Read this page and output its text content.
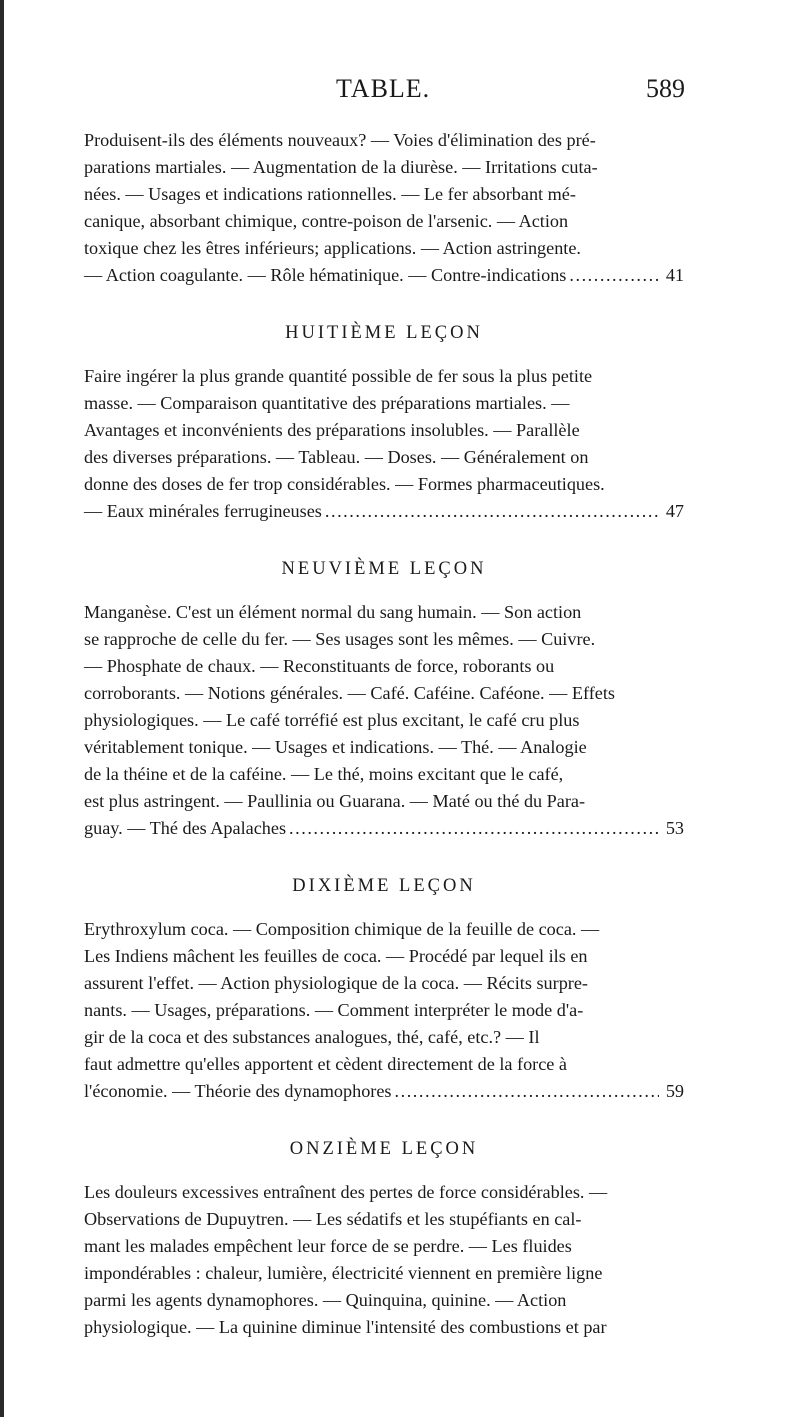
TABLE.	589

Produisent-ils des éléments nouveaux? — Voies d'élimination des pré-

parations martiales. — Augmentation de la diurèse. — Irritations cuta-

nées. — Usages et indications rationnelles. — Le fer absorbant mé-

canique, absorbant chimique, contre-poison de l'arsenic. — Action

toxique chez les êtres inférieurs; applications. — Action astringente.

— Action coagulante. — Rôle hématinique. — Contre-indications . . .	41
HUITIÈME LEÇON

Faire ingérer la plus grande quantité possible de fer sous la plus petite

masse. — Comparaison quantitative des préparations martiales. —

Avantages et inconvénients des préparations insolubles. — Parallèle

des diverses préparations. — Tableau. — Doses. — Généralement on

donne des doses de fer trop considérables. — Formes pharmaceutiques.

— Eaux minérales ferrugineuses . . .	47
NEUVIÈME LEÇON

Manganèse. C'est un élément normal du sang humain. — Son action

se rapproche de celle du fer. — Ses usages sont les mêmes. — Cuivre.

— Phosphate de chaux. — Reconstituants de force, roborants ou

corroborants. — Notions générales. — Café. Caféine. Caféone. — Effets

physiologiques. — Le café torréfié est plus excitant, le café cru plus

véritablement tonique. — Usages et indications. — Thé. — Analogie

de la théine et de la caféine. — Le thé, moins excitant que le café,

est plus astringent. — Paullinia ou Guarana. — Maté ou thé du Para-

guay. — Thé des Apalaches . . .	53
DIXIÈME LEÇON

Erythroxylum coca. — Composition chimique de la feuille de coca. —

Les Indiens mâchent les feuilles de coca. — Procédé par lequel ils en

assurent l'effet. — Action physiologique de la coca. — Récits surpre-

nants. — Usages, préparations. — Comment interpréter le mode d'a-

gir de la coca et des substances analogues, thé, café, etc.? — Il

faut admettre qu'elles apportent et cèdent directement de la force à

l'économie. — Théorie des dynamophores . . .	59
ONZIÈME LEÇON

Les douleurs excessives entraînent des pertes de force considérables. —

Observations de Dupuytren. — Les sédatifs et les stupéfiants en cal-

mant les malades empêchent leur force de se perdre. — Les fluides

impondérables : chaleur, lumière, électricité viennent en première ligne

parmi les agents dynamophores. — Quinquina, quinine. — Action

physiologique. — La quinine diminue l'intensité des combustions et par
